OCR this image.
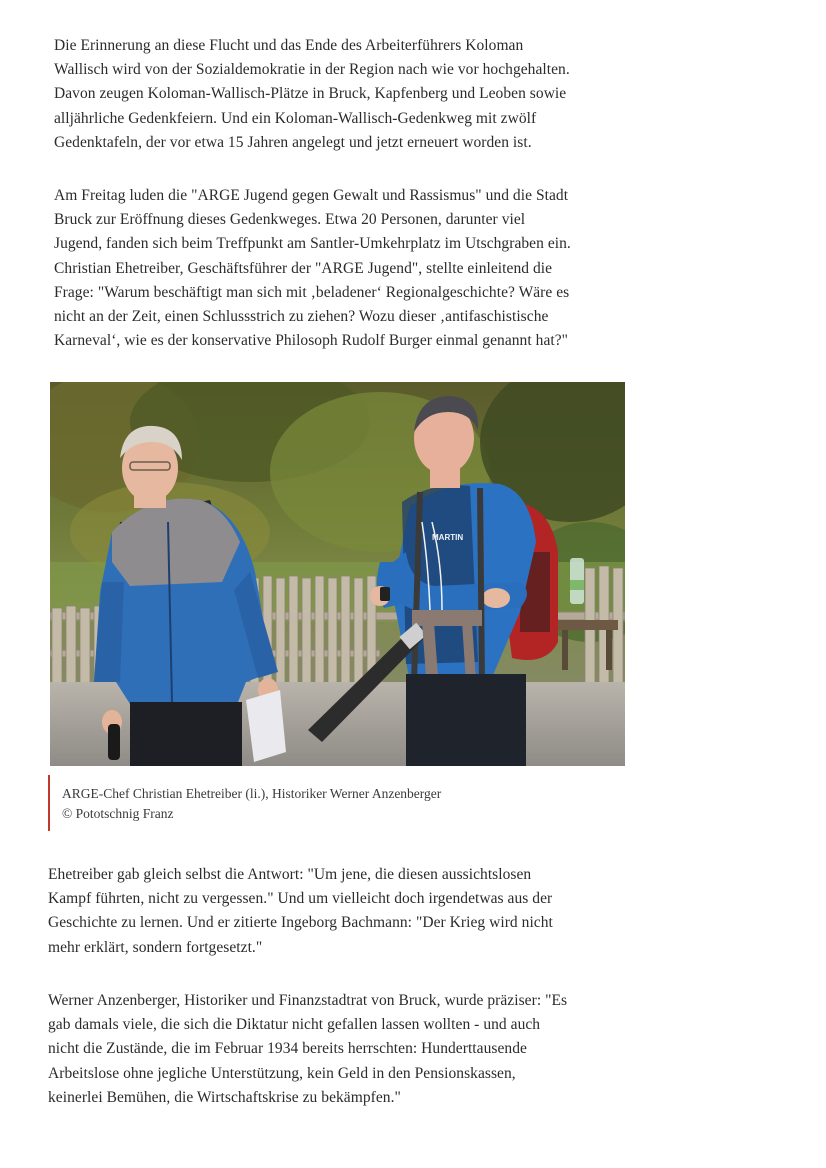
Die Erinnerung an diese Flucht und das Ende des Arbeiterführers Koloman
Wallisch wird von der Sozialdemokratie in der Region nach wie vor hochgehalten.
Davon zeugen Koloman-Wallisch-Plätze in Bruck, Kapfenberg und Leoben sowie
alljährliche Gedenkfeiern. Und ein Koloman-Wallisch-Gedenkweg mit zwölf
Gedenktafeln, der vor etwa 15 Jahren angelegt und jetzt erneuert worden ist.
Am Freitag luden die "ARGE Jugend gegen Gewalt und Rassismus" und die Stadt
Bruck zur Eröffnung dieses Gedenkweges. Etwa 20 Personen, darunter viel
Jugend, fanden sich beim Treffpunkt am Santler-Umkehrplatz im Utschgraben ein.
Christian Ehetreiber, Geschäftsführer der "ARGE Jugend", stellte einleitend die
Frage: "Warum beschäftigt man sich mit ‚beladener‘ Regionalgeschichte? Wäre es
nicht an der Zeit, einen Schlussstrich zu ziehen? Wozu dieser ‚antifaschistische
Karneval‘, wie es der konservative Philosoph Rudolf Burger einmal genannt hat?"
MARTIN
ARGE-Chef Christian Ehetreiber (li.), Historiker Werner Anzenberger
© Pototschnig Franz
Ehetreiber gab gleich selbst die Antwort: "Um jene, die diesen aussichtslosen
Kampf führten, nicht zu vergessen." Und um vielleicht doch irgendetwas aus der
Geschichte zu lernen. Und er zitierte Ingeborg Bachmann: "Der Krieg wird nicht
mehr erklärt, sondern fortgesetzt."
Werner Anzenberger, Historiker und Finanzstadtrat von Bruck, wurde präziser: "Es
gab damals viele, die sich die Diktatur nicht gefallen lassen wollten - und auch
nicht die Zustände, die im Februar 1934 bereits herrschten: Hunderttausende
Arbeitslose ohne jegliche Unterstützung, kein Geld in den Pensionskassen,
keinerlei Bemühen, die Wirtschaftskrise zu bekämpfen."
